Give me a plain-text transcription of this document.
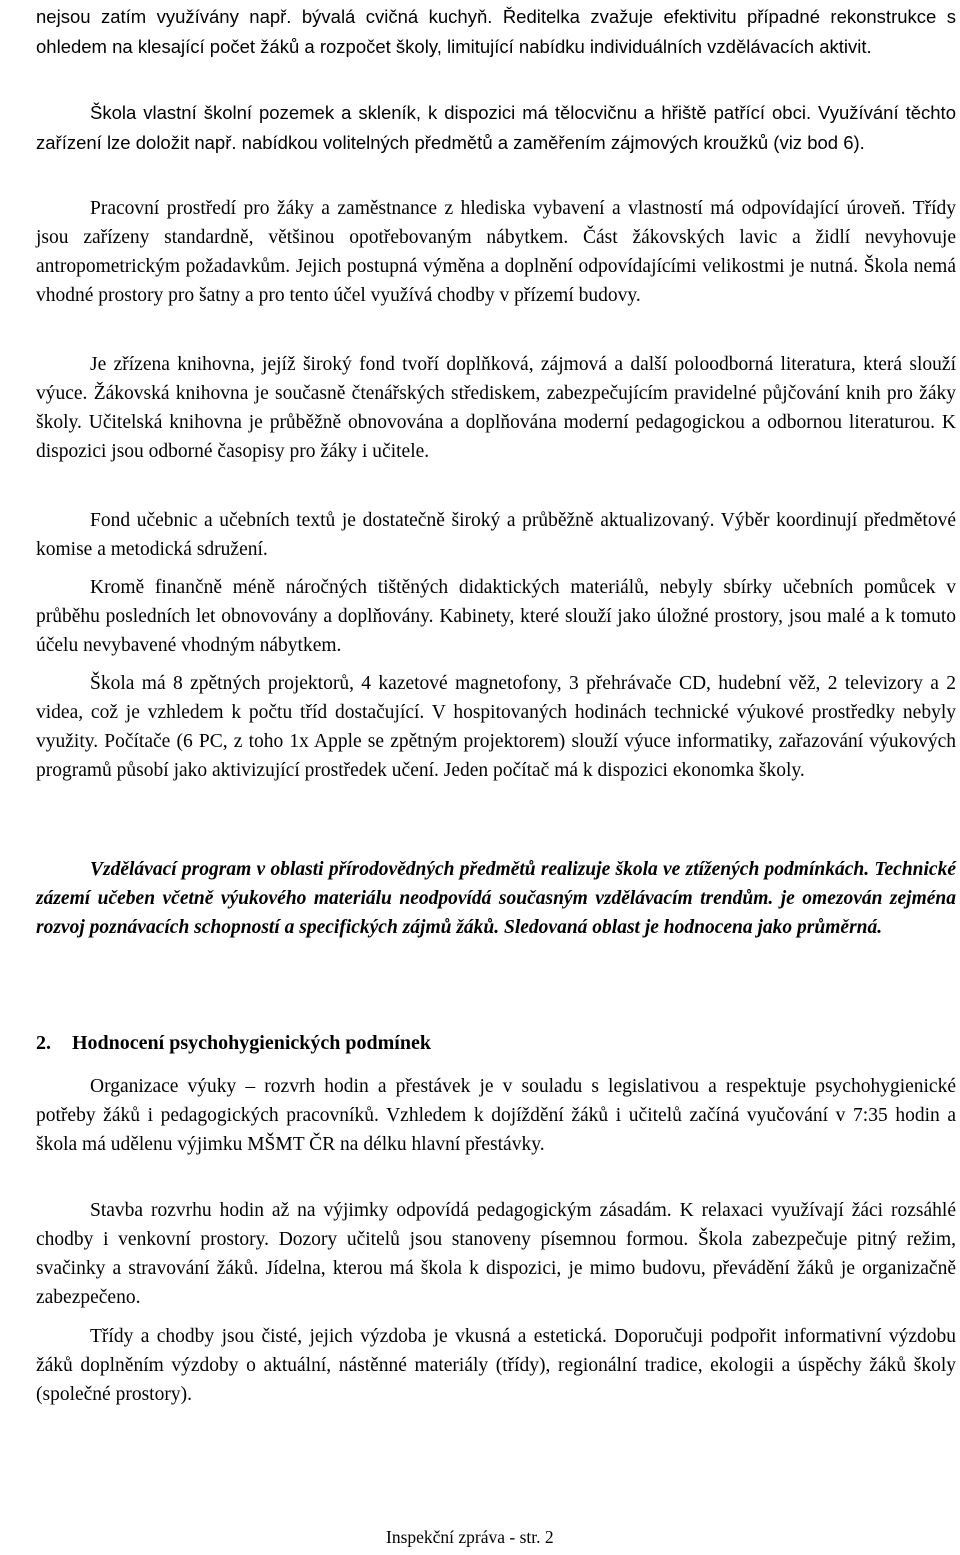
nejsou zatím využívány např. bývalá cvičná kuchyň. Ředitelka zvažuje efektivitu případné rekonstrukce s ohledem na klesající počet žáků a rozpočet školy, limitující nabídku individuálních vzdělávacích aktivit.
Škola vlastní školní pozemek a skleník, k dispozici má tělocvičnu a hřiště patřící obci. Využívání těchto zařízení lze doložit např. nabídkou volitelných předmětů a zaměřením zájmových kroužků (viz bod 6).
Pracovní prostředí pro žáky a zaměstnance z hlediska vybavení a vlastností má odpovídající úroveň. Třídy jsou zařízeny standardně, většinou opotřebovaným nábytkem. Část žákovských lavic a židlí nevyhovuje antropometrickým požadavkům. Jejich postupná výměna a doplnění odpovídajícími velikostmi je nutná. Škola nemá vhodné prostory pro šatny a pro tento účel využívá chodby v přízemí budovy.
Je zřízena knihovna, jejíž široký fond tvoří doplňková, zájmová a další poloodborná literatura, která slouží výuce. Žákovská knihovna je současně čtenářských střediskem, zabezpečujícím pravidelné půjčování knih pro žáky školy. Učitelská knihovna je průběžně obnovována a doplňována moderní pedagogickou a odbornou literaturou. K dispozici jsou odborné časopisy pro žáky i učitele.
Fond učebnic a učebních textů je dostatečně široký a průběžně aktualizovaný. Výběr koordinují předmětové komise a metodická sdružení.
Kromě finančně méně náročných tištěných didaktických materiálů, nebyly sbírky učebních pomůcek v průběhu posledních let obnovovány a doplňovány. Kabinety, které slouží jako úložné prostory, jsou malé a k tomuto účelu nevybavené vhodným nábytkem.
Škola má 8 zpětných projektorů, 4 kazetové magnetofony, 3 přehrávače CD, hudební věž, 2 televizory a 2 videa, což je vzhledem k počtu tříd dostačující. V hospitovaných hodinách technické výukové prostředky nebyly využity. Počítače (6 PC, z toho 1x Apple se zpětným projektorem) slouží výuce informatiky, zařazování výukových programů působí jako aktivizující prostředek učení. Jeden počítač má k dispozici ekonomka školy.
Vzdělávací program v oblasti přírodovědných předmětů realizuje škola ve ztížených podmínkách. Technické zázemí učeben včetně výukového materiálu neodpovídá současným vzdělávacím trendům. je omezován zejména rozvoj poznávacích schopností a specifických zájmů žáků. Sledovaná oblast je hodnocena jako průměrná.
2. Hodnocení psychohygienických podmínek
Organizace výuky – rozvrh hodin a přestávek je v souladu s legislativou a respektuje psychohygienické potřeby žáků i pedagogických pracovníků. Vzhledem k dojíždění žáků i učitelů začíná vyučování v 7:35 hodin a škola má udělenu výjimku MŠMT ČR na délku hlavní přestávky.
Stavba rozvrhu hodin až na výjimky odpovídá pedagogickým zásadám. K relaxaci využívají žáci rozsáhlé chodby i venkovní prostory. Dozory učitelů jsou stanoveny písemnou formou. Škola zabezpečuje pitný režim, svačinky a stravování žáků. Jídelna, kterou má škola k dispozici, je mimo budovu, převádění žáků je organizačně zabezpečeno.
Třídy a chodby jsou čisté, jejich výzdoba je vkusná a estetická. Doporučuji podpořit informativní výzdobu žáků doplněním výzdoby o aktuální, nástěnné materiály (třídy), regionální tradice, ekologii a úspěchy žáků školy (společné prostory).
Inspekční zpráva - str. 2
